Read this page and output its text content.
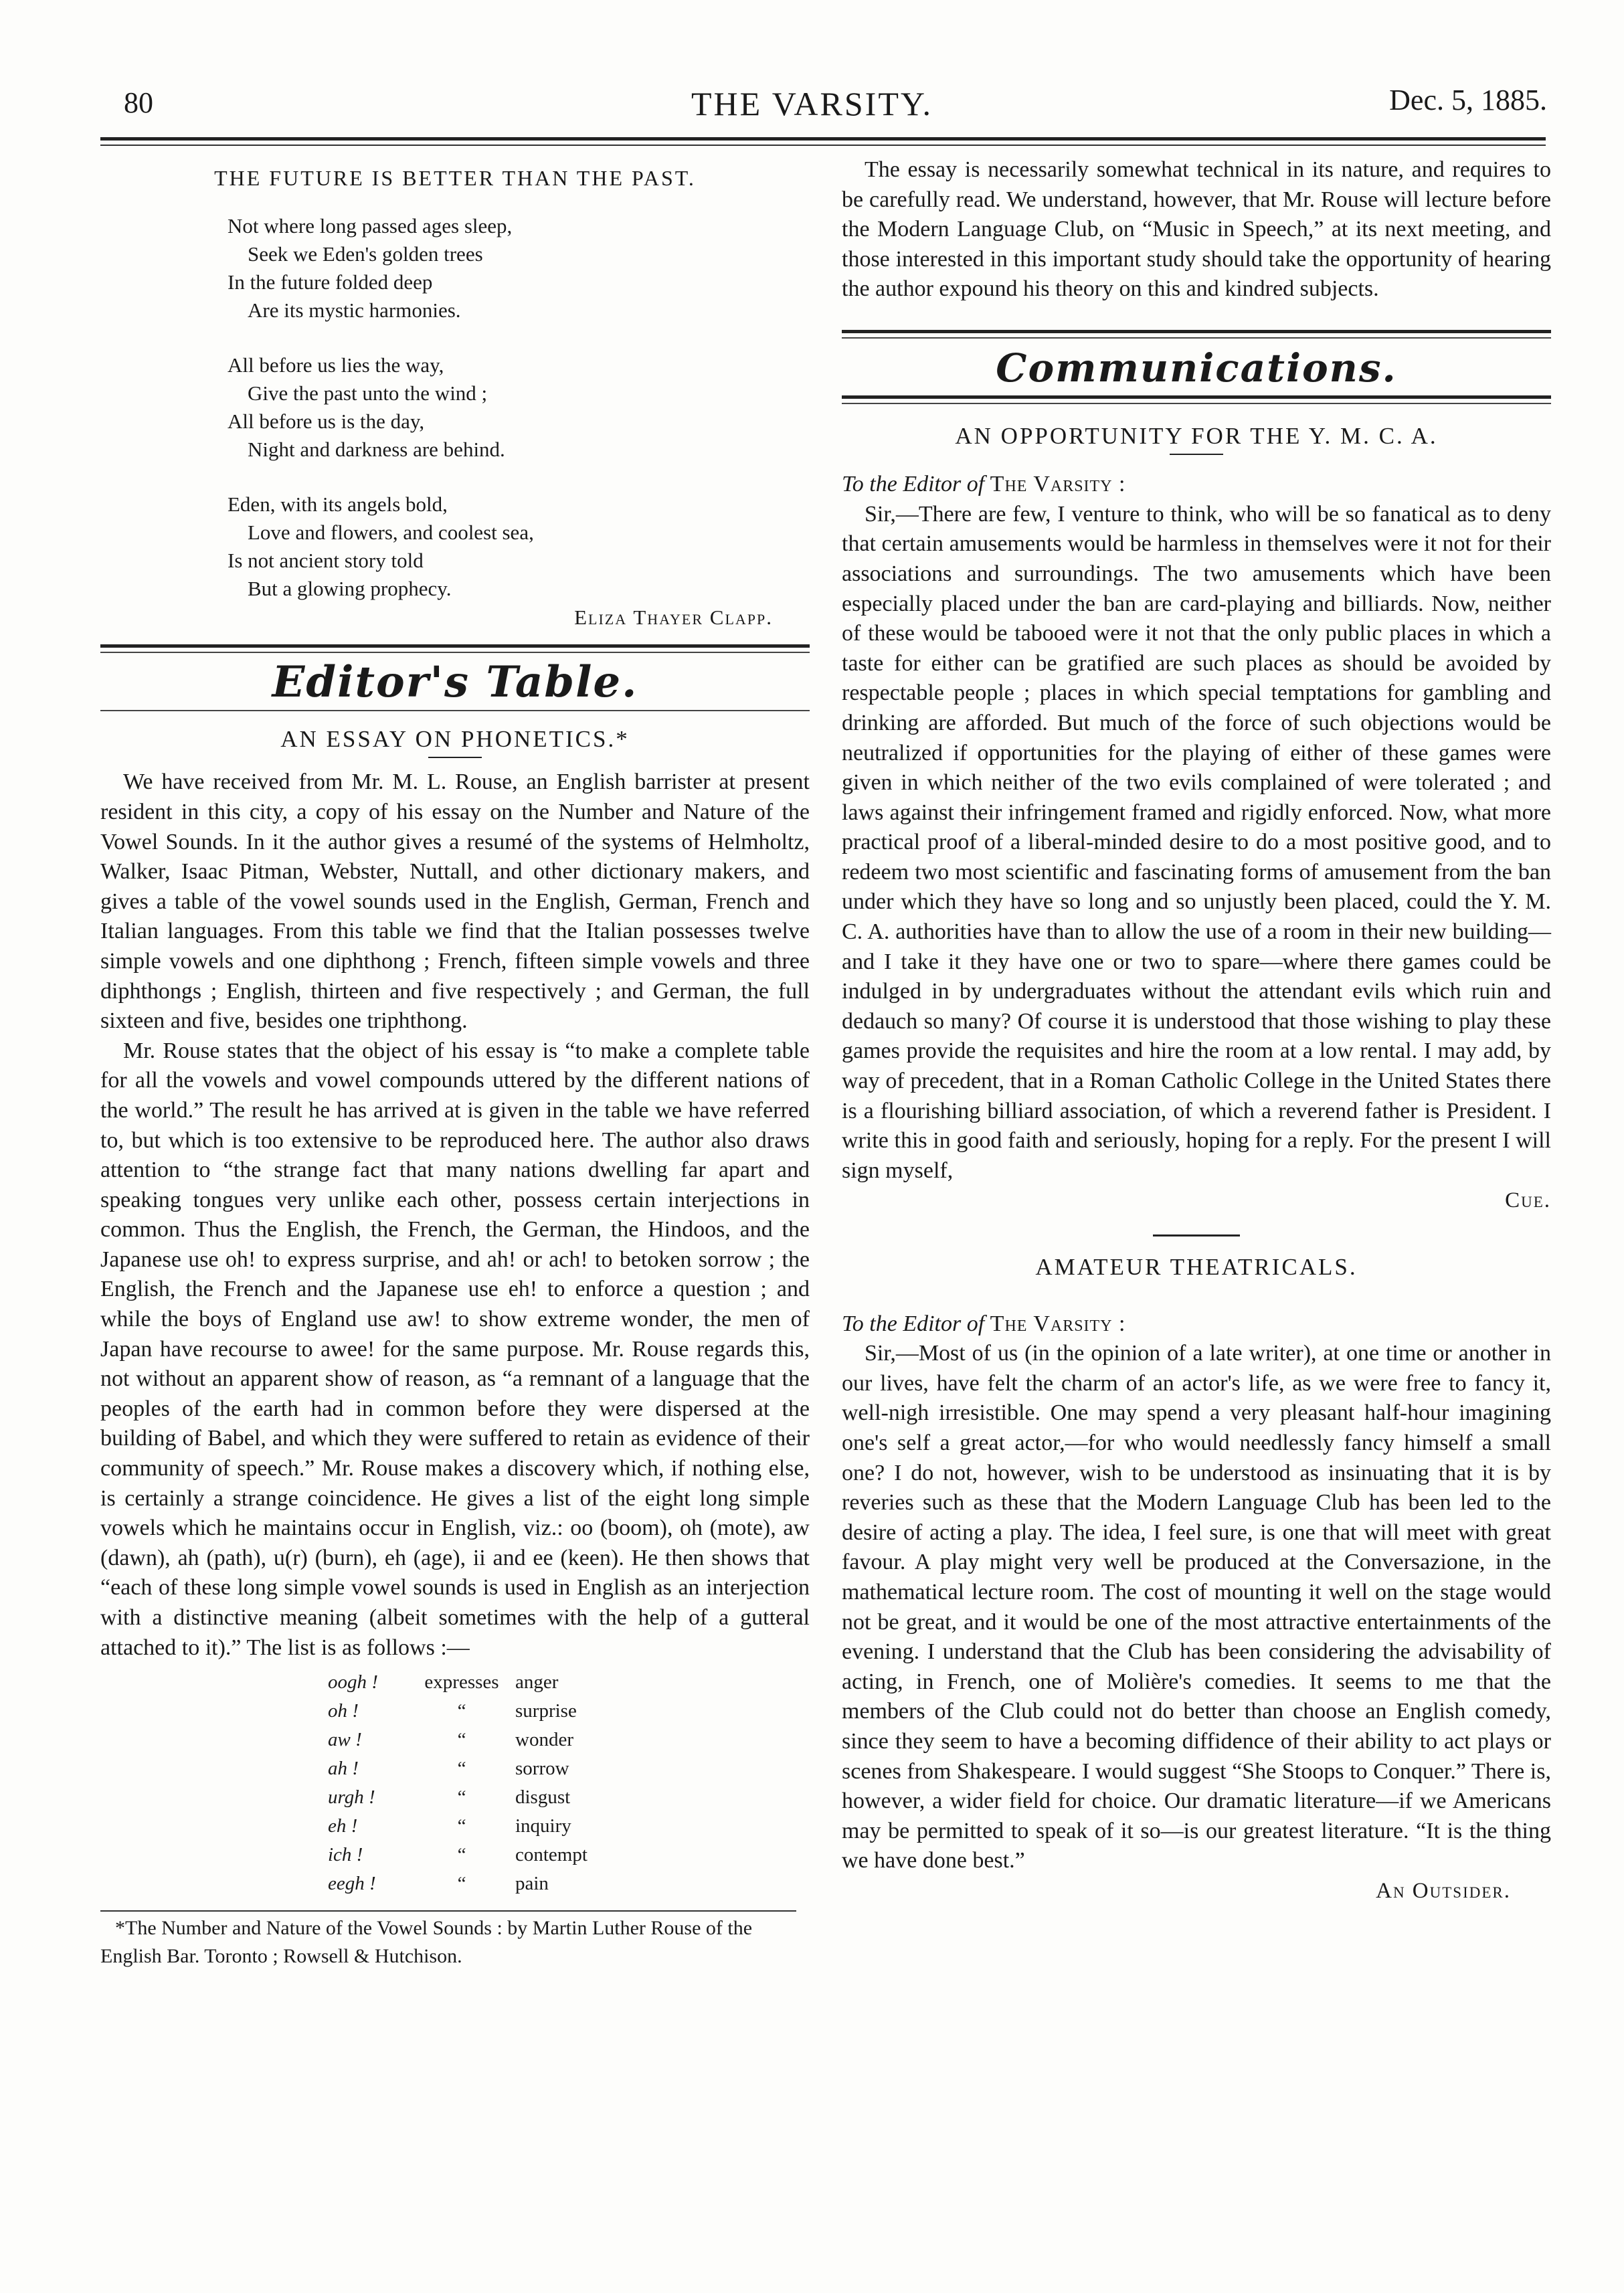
80	THE VARSITY.	Dec. 5, 1885.

THE FUTURE IS BETTER THAN THE PAST.

Not where long passed ages sleep,
Seek we Eden's golden trees
In the future folded deep
Are its mystic harmonies.
All before us lies the way,
Give the past unto the wind ;
All before us is the day,
Night and darkness are behind.
Eden, with its angels bold,
Love and flowers, and coolest sea,
Is not ancient story told
But a glowing prophecy.
Eliza Thayer Clapp.

Editor's Table.

AN ESSAY ON PHONETICS.*

We have received from Mr. M. L. Rouse, an English barrister at present resident in this city, a copy of his essay on the Number and Nature of the Vowel Sounds. In it the author gives a resumé of the systems of Helmholtz, Walker, Isaac Pitman, Webster, Nuttall, and other dictionary makers, and gives a table of the vowel sounds used in the English, German, French and Italian languages. From this table we find that the Italian possesses twelve simple vowels and one diphthong ; French, fifteen simple vowels and three diphthongs ; English, thirteen and five respectively ; and German, the full sixteen and five, besides one triphthong.

Mr. Rouse states that the object of his essay is “to make a complete table for all the vowels and vowel compounds uttered by the different nations of the world.” The result he has arrived at is given in the table we have referred to, but which is too extensive to be reproduced here. The author also draws attention to “the strange fact that many nations dwelling far apart and speaking tongues very unlike each other, possess certain interjections in common. Thus the English, the French, the German, the Hindoos, and the Japanese use oh! to express surprise, and ah! or ach! to betoken sorrow ; the English, the French and the Japanese use eh! to enforce a question ; and while the boys of England use aw! to show extreme wonder, the men of Japan have recourse to awee! for the same purpose. Mr. Rouse regards this, not without an apparent show of reason, as “a remnant of a language that the peoples of the earth had in common before they were dispersed at the building of Babel, and which they were suffered to retain as evidence of their community of speech.” Mr. Rouse makes a discovery which, if nothing else, is certainly a strange coincidence. He gives a list of the eight long simple vowels which he maintains occur in English, viz.: oo (boom), oh (mote), aw (dawn), ah (path), u(r) (burn), eh (age), ii and ee (keen). He then shows that “each of these long simple vowel sounds is used in English as an interjection with a distinctive meaning (albeit sometimes with the help of a gutteral attached to it).” The list is as follows :—

oogh !	expresses	anger
oh !	“	surprise
aw !	“	wonder
ah !	“	sorrow
urgh !	“	disgust
eh !	“	inquiry
ich !	“	contempt
eegh !	“	pain

*The Number and Nature of the Vowel Sounds : by Martin Luther Rouse of the English Bar. Toronto ; Rowsell & Hutchison.

The essay is necessarily somewhat technical in its nature, and requires to be carefully read. We understand, however, that Mr. Rouse will lecture before the Modern Language Club, on “Music in Speech,” at its next meeting, and those interested in this important study should take the opportunity of hearing the author expound his theory on this and kindred subjects.

Communications.

AN OPPORTUNITY FOR THE Y. M. C. A.

To the Editor of The Varsity :

Sir,—There are few, I venture to think, who will be so fanatical as to deny that certain amusements would be harmless in themselves were it not for their associations and surroundings. The two amusements which have been especially placed under the ban are card-playing and billiards. Now, neither of these would be tabooed were it not that the only public places in which a taste for either can be gratified are such places as should be avoided by respectable people ; places in which special temptations for gambling and drinking are afforded. But much of the force of such objections would be neutralized if opportunities for the playing of either of these games were given in which neither of the two evils complained of were tolerated ; and laws against their infringement framed and rigidly enforced. Now, what more practical proof of a liberal-minded desire to do a most positive good, and to redeem two most scientific and fascinating forms of amusement from the ban under which they have so long and so unjustly been placed, could the Y. M. C. A. authorities have than to allow the use of a room in their new building—and I take it they have one or two to spare—where there games could be indulged in by undergraduates without the attendant evils which ruin and dedauch so many? Of course it is understood that those wishing to play these games provide the requisites and hire the room at a low rental. I may add, by way of precedent, that in a Roman Catholic College in the United States there is a flourishing billiard association, of which a reverend father is President. I write this in good faith and seriously, hoping for a reply. For the present I will sign myself,

Cue.

AMATEUR THEATRICALS.

To the Editor of The Varsity :

Sir,—Most of us (in the opinion of a late writer), at one time or another in our lives, have felt the charm of an actor's life, as we were free to fancy it, well-nigh irresistible. One may spend a very pleasant half-hour imagining one's self a great actor,—for who would needlessly fancy himself a small one? I do not, however, wish to be understood as insinuating that it is by reveries such as these that the Modern Language Club has been led to the desire of acting a play. The idea, I feel sure, is one that will meet with great favour. A play might very well be produced at the Conversazione, in the mathematical lecture room. The cost of mounting it well on the stage would not be great, and it would be one of the most attractive entertainments of the evening. I understand that the Club has been considering the advisability of acting, in French, one of Molière's comedies. It seems to me that the members of the Club could not do better than choose an English comedy, since they seem to have a becoming diffidence of their ability to act plays or scenes from Shakespeare. I would suggest “She Stoops to Conquer.” There is, however, a wider field for choice. Our dramatic literature—if we Americans may be permitted to speak of it so—is our greatest literature. “It is the thing we have done best.”

An Outsider.
